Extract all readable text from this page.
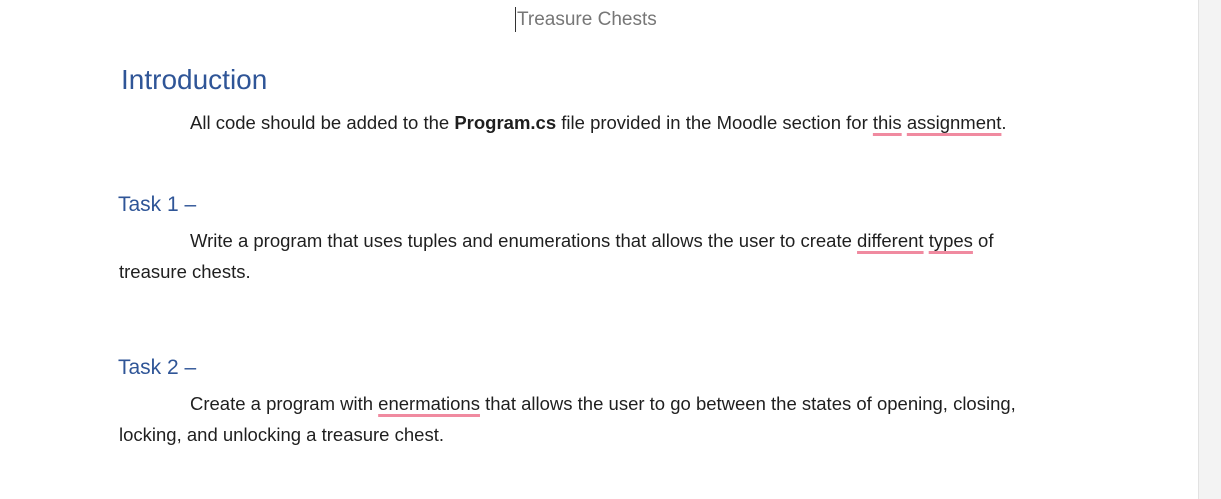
Treasure Chests
Introduction
All code should be added to the Program.cs file provided in the Moodle section for this assignment.
Task 1 –
Write a program that uses tuples and enumerations that allows the user to create different types of treasure chests.
Task 2 –
Create a program with enermations that allows the user to go between the states of opening, closing, locking, and unlocking a treasure chest.
